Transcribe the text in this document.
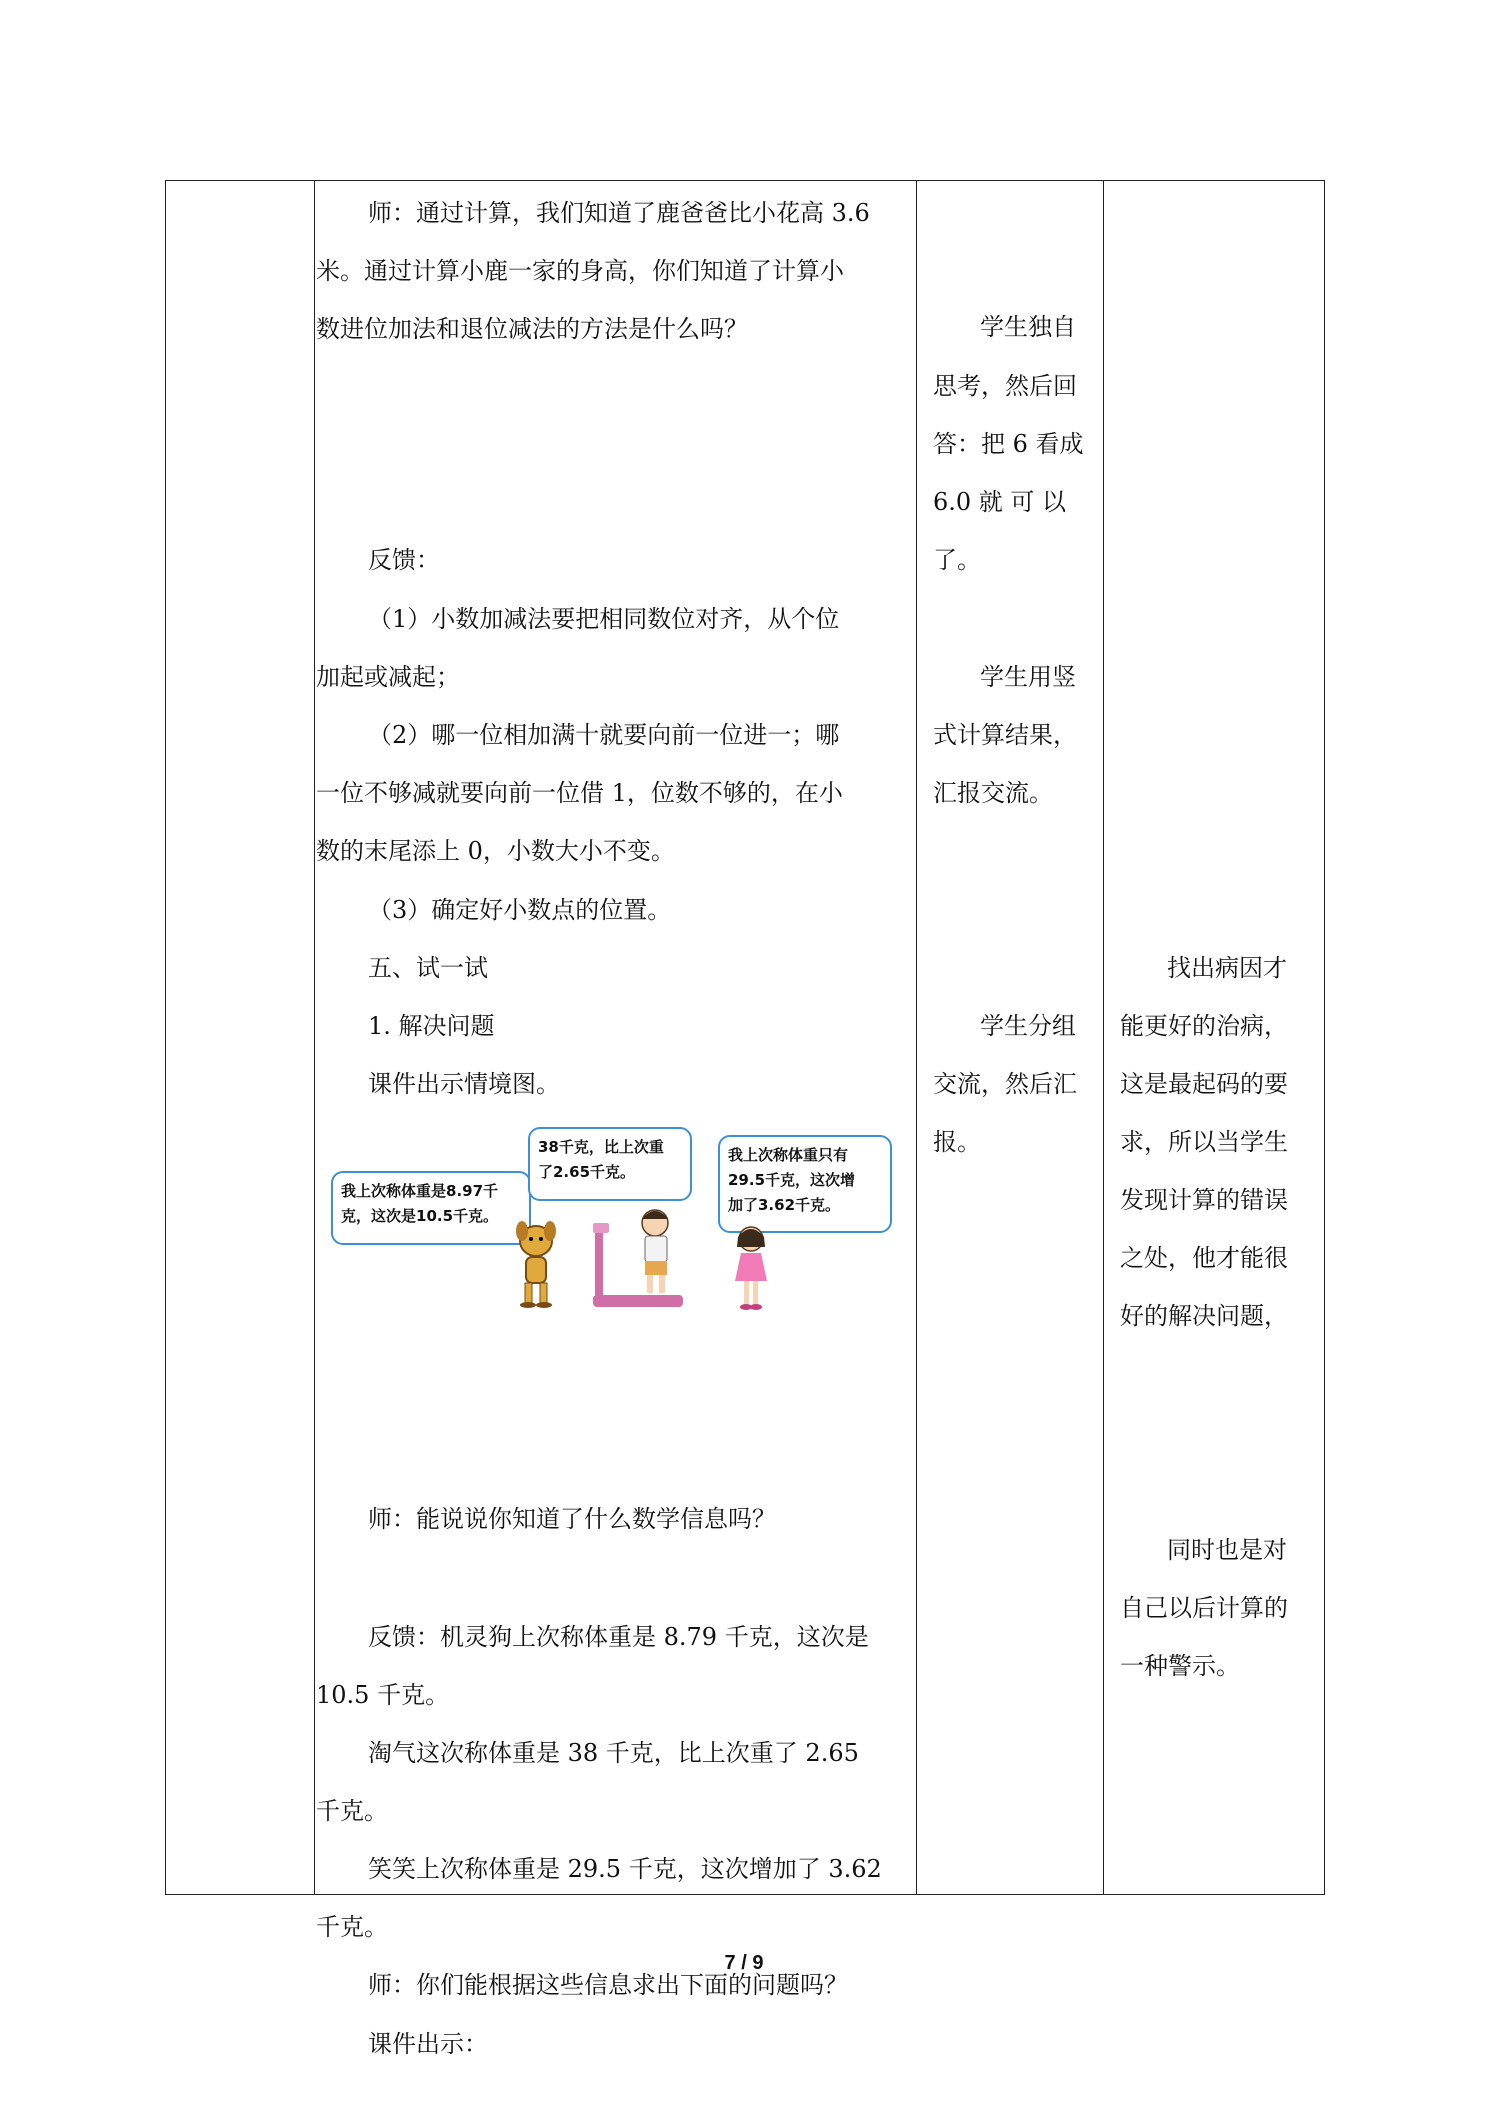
师：通过计算，我们知道了鹿爸爸比小花高 3.6
米。通过计算小鹿一家的身高，你们知道了计算小
数进位加法和退位减法的方法是什么吗？
反馈：
（1）小数加减法要把相同数位对齐，从个位
加起或减起；
（2）哪一位相加满十就要向前一位进一；哪
一位不够减就要向前一位借 1，位数不够的，在小
数的末尾添上 0，小数大小不变。
（3）确定好小数点的位置。
五、试一试
1. 解决问题
课件出示情境图。
我上次称体重是8.97千
克，这次是10.5千克。
38千克，比上次重
了2.65千克。
我上次称体重只有
29.5千克，这次增
加了3.62千克。
师：能说说你知道了什么数学信息吗？
反馈：机灵狗上次称体重是 8.79 千克，这次是
10.5 千克。
淘气这次称体重是 38 千克，比上次重了 2.65
千克。
笑笑上次称体重是 29.5 千克，这次增加了 3.62
千克。
师：你们能根据这些信息求出下面的问题吗？
课件出示：
学生独自
思考，然后回
答：把 6 看成
6.0 就 可 以
了。
学生用竖
式计算结果，
汇报交流。
学生分组
交流，然后汇
报。
找出病因才
能更好的治病，
这是最起码的要
求，所以当学生
发现计算的错误
之处，他才能很
好的解决问题，
同时也是对
自己以后计算的
一种警示。
7 / 9
